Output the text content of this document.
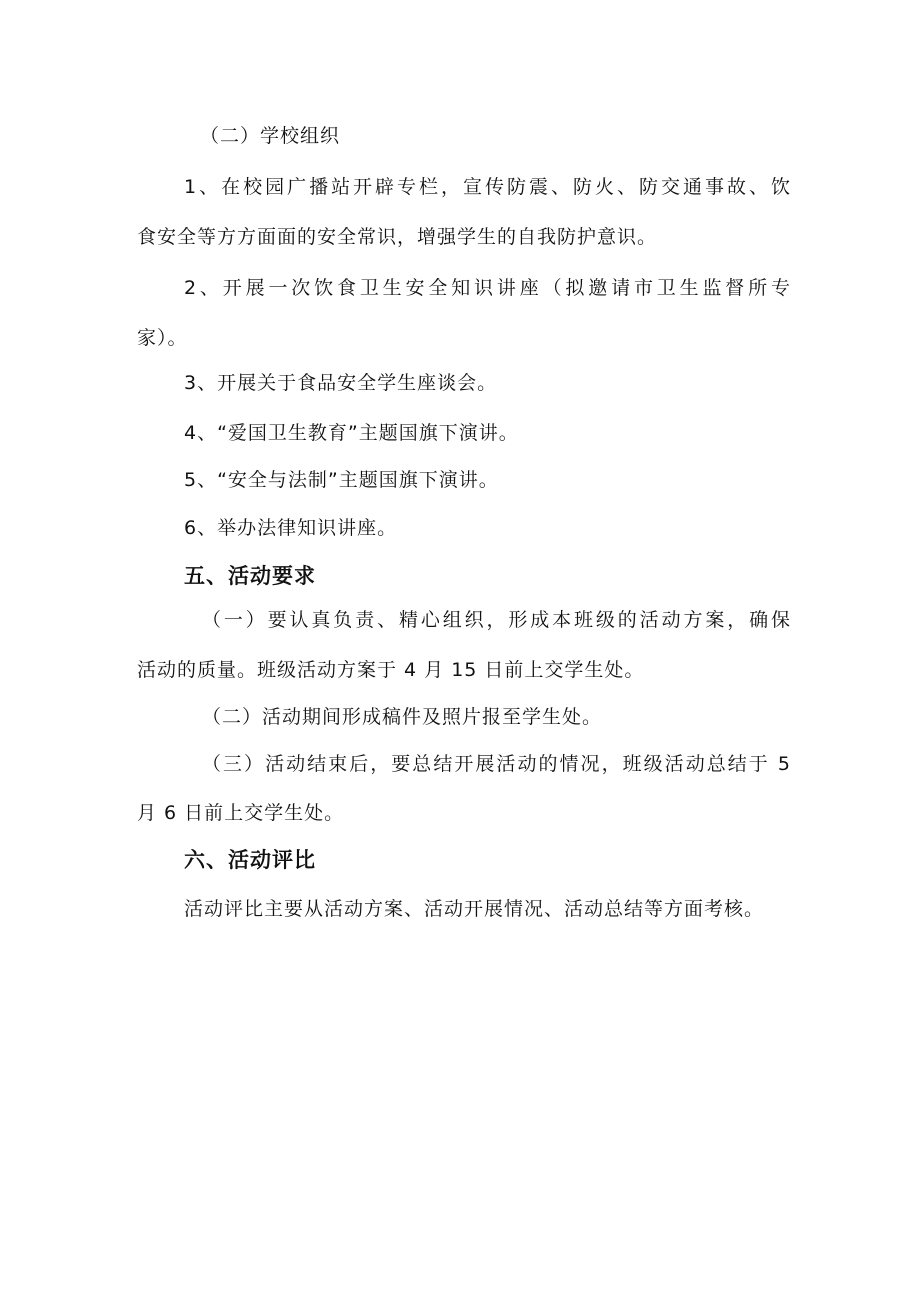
（二）学校组织
1、在校园广播站开辟专栏，宣传防震、防火、防交通事故、饮
食安全等方方面面的安全常识，增强学生的自我防护意识。
2、开展一次饮食卫生安全知识讲座（拟邀请市卫生监督所专
家）。
3、开展关于食品安全学生座谈会。
4、“爱国卫生教育”主题国旗下演讲。
5、“安全与法制”主题国旗下演讲。
6、举办法律知识讲座。
五、活动要求
（一）要认真负责、精心组织，形成本班级的活动方案，确保
活动的质量。班级活动方案于 4 月 15 日前上交学生处。
（二）活动期间形成稿件及照片报至学生处。
（三）活动结束后，要总结开展活动的情况，班级活动总结于 5
月 6 日前上交学生处。
六、活动评比
活动评比主要从活动方案、活动开展情况、活动总结等方面考核。
